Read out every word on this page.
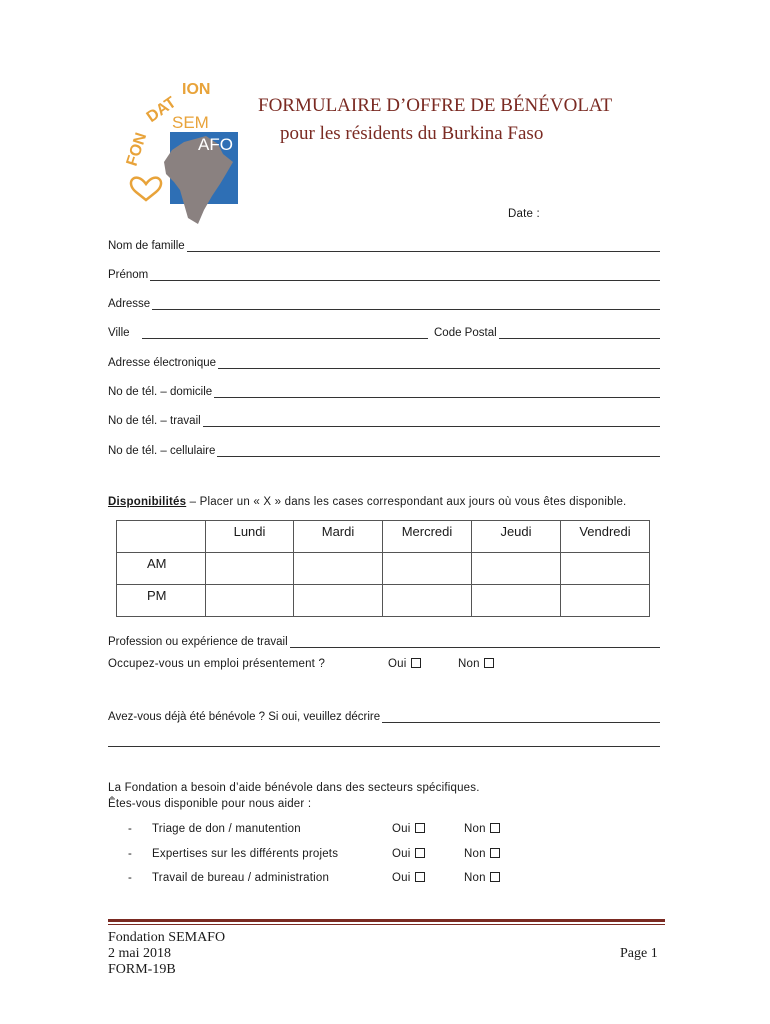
FON
DAT
ION
SEM
AFO
FORMULAIRE D’OFFRE DE BÉNÉVOLAT
pour les résidents du Burkina Faso
Date :
Nom de famille
Prénom
Adresse
Ville	Code Postal
Adresse électronique
No de tél. – domicile
No de tél. – travail
No de tél. – cellulaire
Disponibilités – Placer un « X » dans les cases correspondant aux jours où vous êtes disponible.
	Lundi	Mardi	Mercredi	Jeudi	Vendredi
AM					
PM					
Profession ou expérience de travail
Occupez-vous un emploi présentement ?	Oui	Non
Avez-vous déjà été bénévole ? Si oui, veuillez décrire
La Fondation a besoin d’aide bénévole dans des secteurs spécifiques.
Êtes-vous disponible pour nous aider :
- Triage de don / manutention	Oui	Non
- Expertises sur les différents projets	Oui	Non
- Travail de bureau / administration	Oui	Non
Fondation SEMAFO
2 mai 2018
FORM-19B
Page 1
